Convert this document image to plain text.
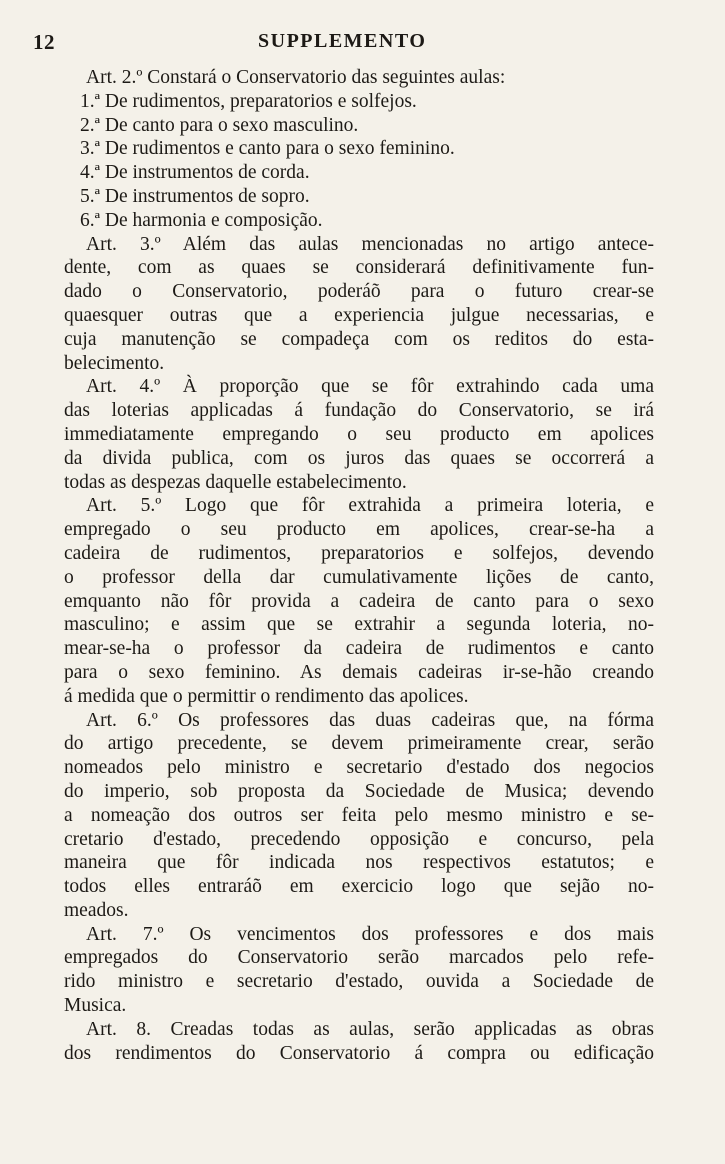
12	SUPPLEMENTO
Art. 2.º Constará o Conservatorio das seguintes aulas:
1.ª De rudimentos, preparatorios e solfejos.
2.ª De canto para o sexo masculino.
3.ª De rudimentos e canto para o sexo feminino.
4.ª De instrumentos de corda.
5.ª De instrumentos de sopro.
6.ª De harmonia e composição.
Art. 3.º Além das aulas mencionadas no artigo antece-
dente, com as quaes se considerará definitivamente fun-
dado o Conservatorio, poderáõ para o futuro crear-se
quaesquer outras que a experiencia julgue necessarias, e
cuja manutenção se compadeça com os reditos do esta-
belecimento.
Art. 4.º À proporção que se fôr extrahindo cada uma
das loterias applicadas á fundação do Conservatorio, se irá
immediatamente empregando o seu producto em apolices
da divida publica, com os juros das quaes se occorrerá a
todas as despezas daquelle estabelecimento.
Art. 5.º Logo que fôr extrahida a primeira loteria, e
empregado o seu producto em apolices, crear-se-ha a
cadeira de rudimentos, preparatorios e solfejos, devendo
o professor della dar cumulativamente lições de canto,
emquanto não fôr provida a cadeira de canto para o sexo
masculino; e assim que se extrahir a segunda loteria, no-
mear-se-ha o professor da cadeira de rudimentos e canto
para o sexo feminino. As demais cadeiras ir-se-hão creando
á medida que o permittir o rendimento das apolices.
Art. 6.º Os professores das duas cadeiras que, na fórma
do artigo precedente, se devem primeiramente crear, serão
nomeados pelo ministro e secretario d'estado dos negocios
do imperio, sob proposta da Sociedade de Musica; devendo
a nomeação dos outros ser feita pelo mesmo ministro e se-
cretario d'estado, precedendo opposição e concurso, pela
maneira que fôr indicada nos respectivos estatutos; e
todos elles entraráõ em exercicio logo que sejão no-
meados.
Art. 7.º Os vencimentos dos professores e dos mais
empregados do Conservatorio serão marcados pelo refe-
rido ministro e secretario d'estado, ouvida a Sociedade de
Musica.
Art. 8. Creadas todas as aulas, serão applicadas as obras
dos rendimentos do Conservatorio á compra ou edificação
